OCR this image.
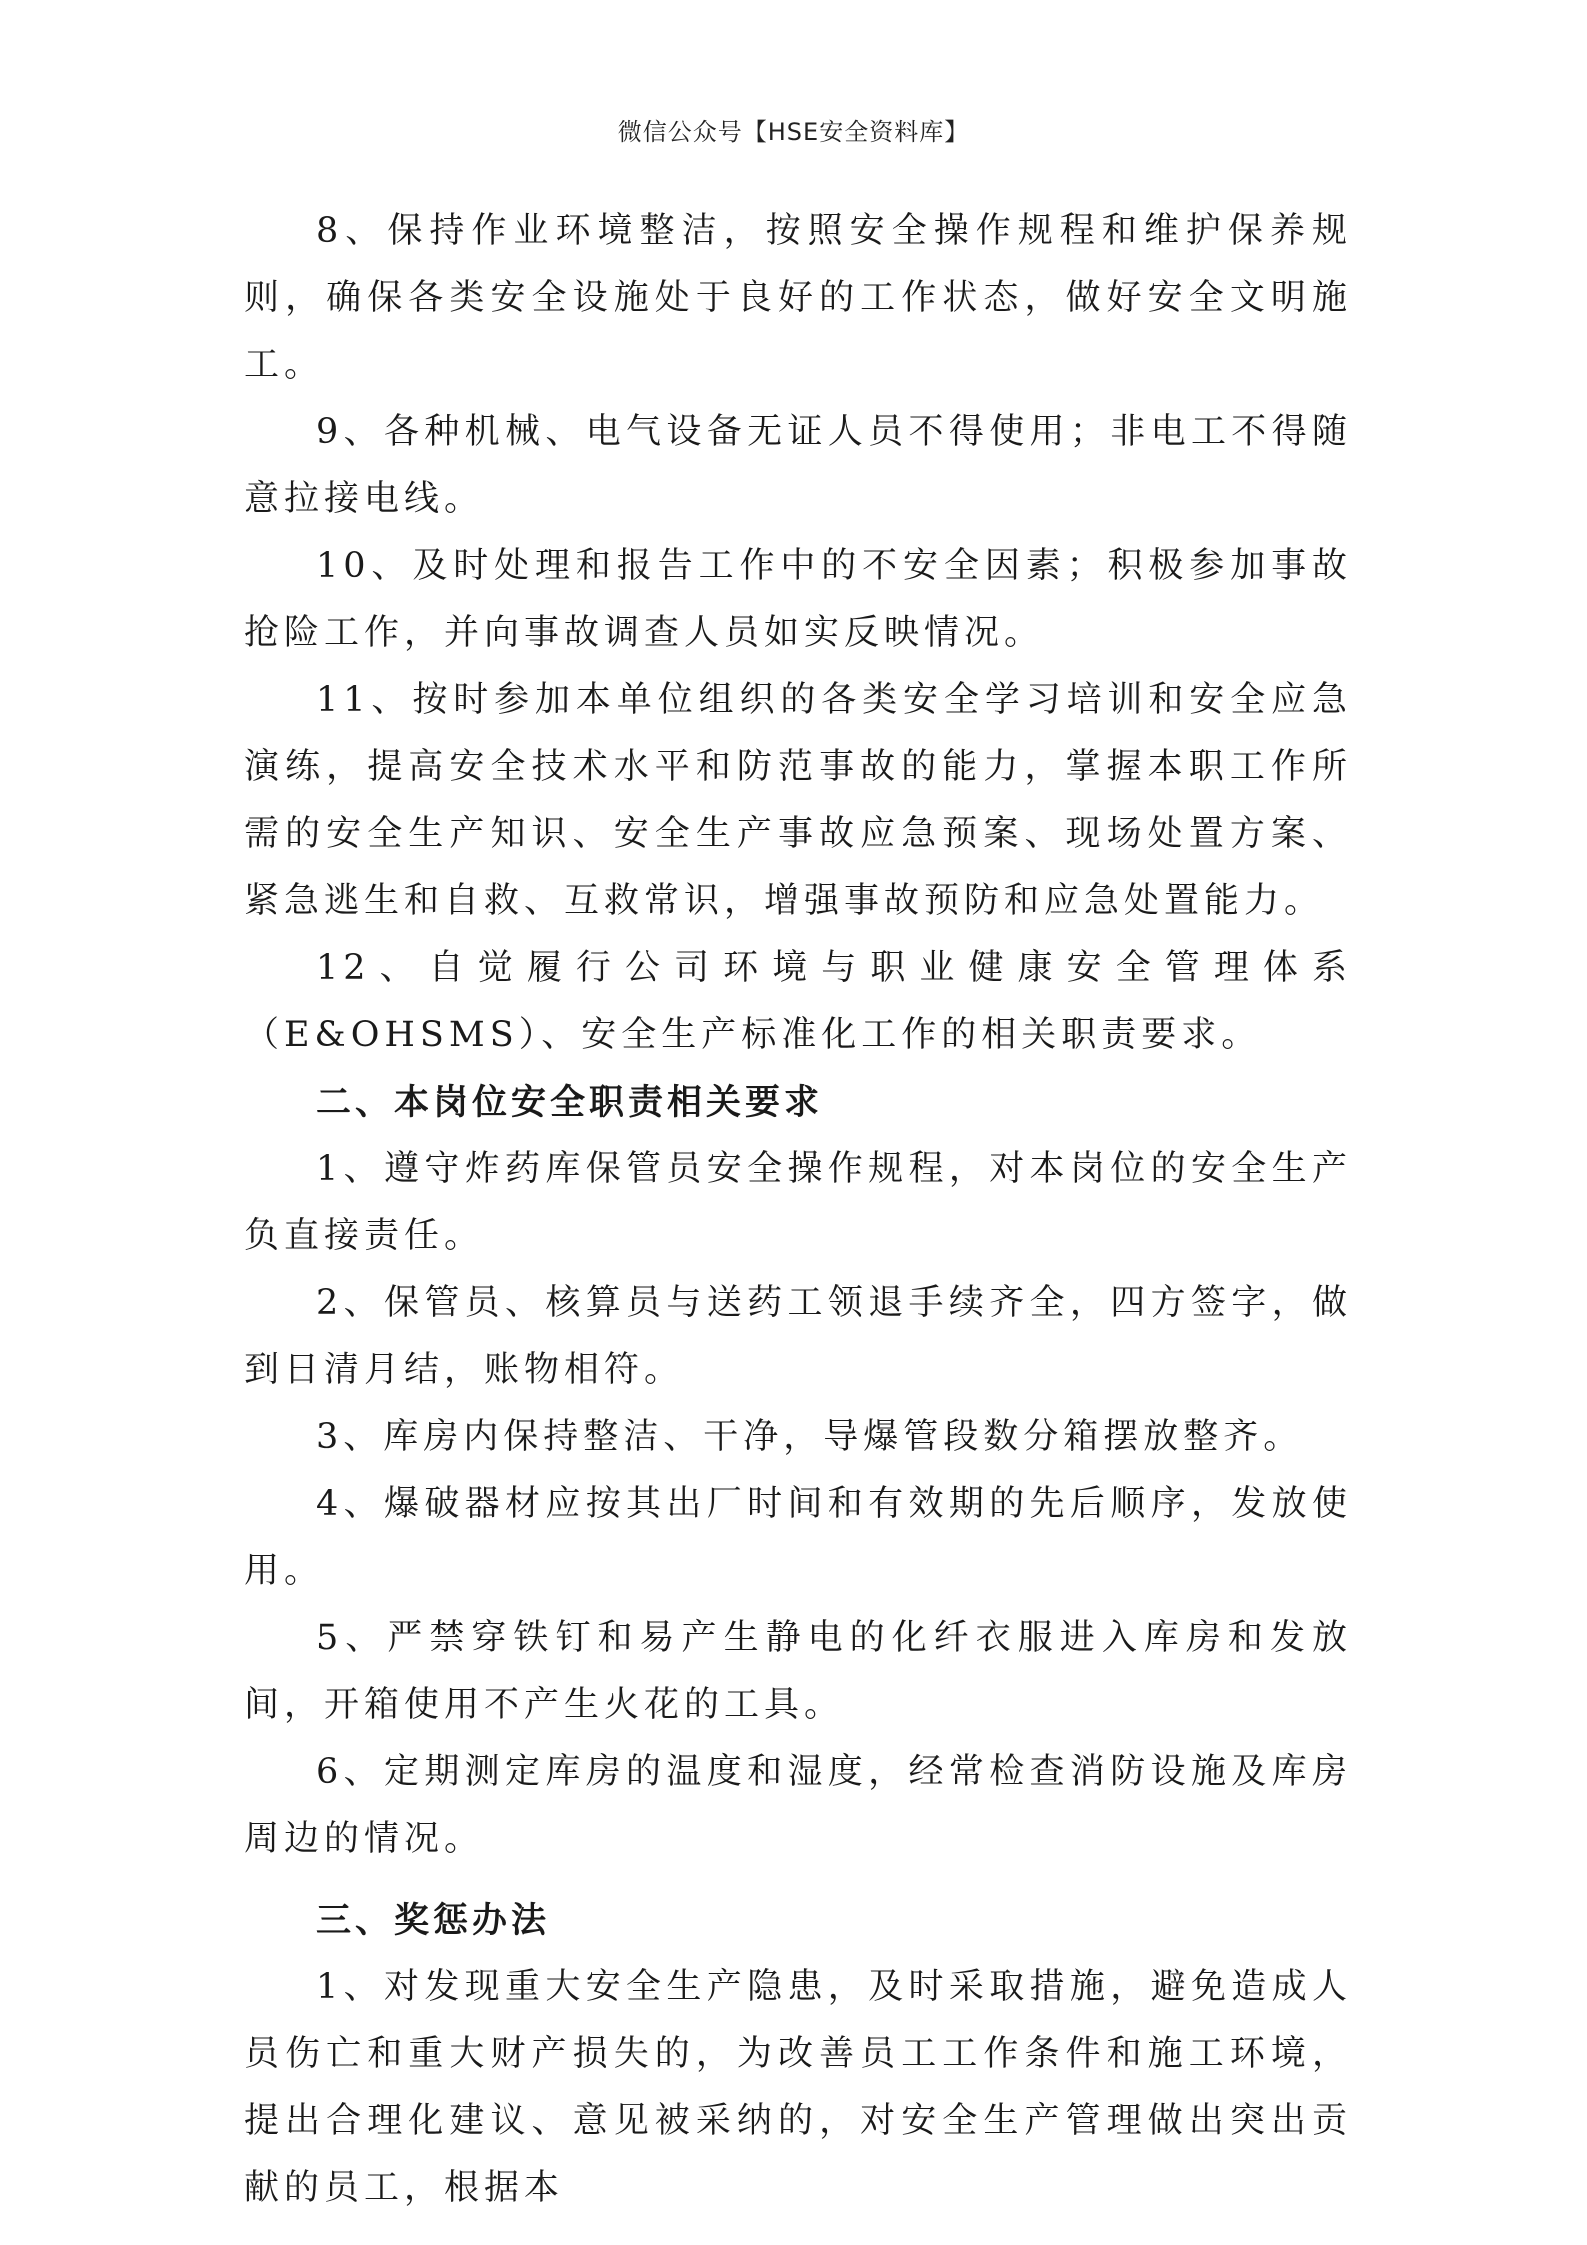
微信公众号【HSE安全资料库】

8、保持作业环境整洁，按照安全操作规程和维护保养规则，确保各类安全设施处于良好的工作状态，做好安全文明施工。

9、各种机械、电气设备无证人员不得使用；非电工不得随意拉接电线。

10、及时处理和报告工作中的不安全因素；积极参加事故抢险工作，并向事故调查人员如实反映情况。

11、按时参加本单位组织的各类安全学习培训和安全应急演练，提高安全技术水平和防范事故的能力，掌握本职工作所需的安全生产知识、安全生产事故应急预案、现场处置方案、紧急逃生和自救、互救常识，增强事故预防和应急处置能力。

12、自觉履行公司环境与职业健康安全管理体系（E&OHSMS）、安全生产标准化工作的相关职责要求。

二、本岗位安全职责相关要求

1、遵守炸药库保管员安全操作规程，对本岗位的安全生产负直接责任。

2、保管员、核算员与送药工领退手续齐全，四方签字，做到日清月结，账物相符。

3、库房内保持整洁、干净，导爆管段数分箱摆放整齐。

4、爆破器材应按其出厂时间和有效期的先后顺序，发放使用。

5、严禁穿铁钉和易产生静电的化纤衣服进入库房和发放间，开箱使用不产生火花的工具。

6、定期测定库房的温度和湿度，经常检查消防设施及库房周边的情况。

三、奖惩办法

1、对发现重大安全生产隐患，及时采取措施，避免造成人员伤亡和重大财产损失的，为改善员工工作条件和施工环境，提出合理化建议、意见被采纳的，对安全生产管理做出突出贡献的员工，根据本
